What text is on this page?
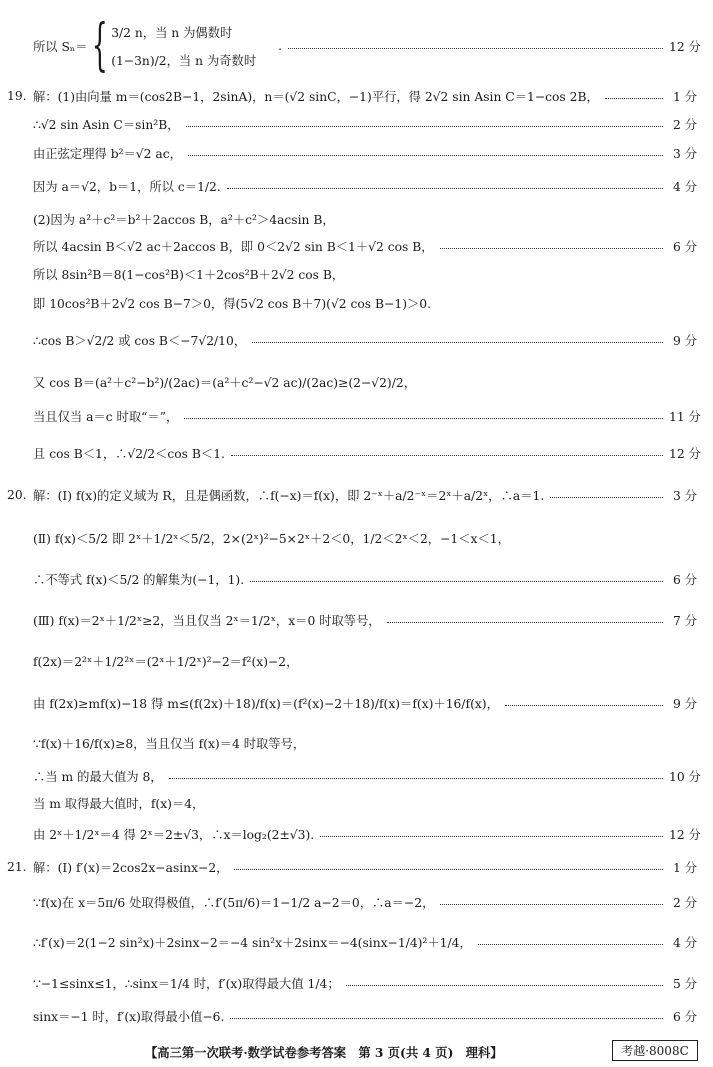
所以 Sₙ＝ { 3/2 n，当 n 为偶数时
(1−3n)/2，当 n 为奇数时
.	12 分
19. 解：(1)由向量 m＝(cos2B−1，2sinA)，n＝(√2 sinC，−1)平行，得 2√2 sin Asin C＝1−cos 2B，	1 分
∴√2 sin Asin C＝sin²B，	2 分
由正弦定理得 b²＝√2 ac，	3 分
因为 a＝√2，b＝1，所以 c＝1/2.	4 分
(2)因为 a²＋c²＝b²＋2accos B，a²＋c²＞4acsin B，
所以 4acsin B＜√2 ac＋2accos B，即 0＜2√2 sin B＜1＋√2 cos B，	6 分
所以 8sin²B＝8(1−cos²B)＜1＋2cos²B＋2√2 cos B，
即 10cos²B＋2√2 cos B−7＞0，得(5√2 cos B＋7)(√2 cos B−1)＞0.
∴cos B＞√2/2 或 cos B＜−7√2/10，	9 分
又 cos B＝(a²＋c²−b²)/(2ac)＝(a²＋c²−√2 ac)/(2ac)≥(2−√2)/2，
当且仅当 a＝c 时取“＝”，	11 分
且 cos B＜1，∴√2/2＜cos B＜1.	12 分
20. 解：(Ⅰ) f(x)的定义域为 R，且是偶函数，∴f(−x)＝f(x)，即 2⁻ˣ＋a/2⁻ˣ＝2ˣ＋a/2ˣ，∴a＝1.	3 分
(Ⅱ) f(x)＜5/2 即 2ˣ＋1/2ˣ＜5/2，2×(2ˣ)²−5×2ˣ＋2＜0，1/2＜2ˣ＜2，−1＜x＜1，
∴不等式 f(x)＜5/2 的解集为(−1，1).	6 分
(Ⅲ) f(x)＝2ˣ＋1/2ˣ≥2，当且仅当 2ˣ＝1/2ˣ，x＝0 时取等号，	7 分
f(2x)＝2²ˣ＋1/2²ˣ＝(2ˣ＋1/2ˣ)²−2＝f²(x)−2，
由 f(2x)≥mf(x)−18 得 m≤(f(2x)＋18)/f(x)＝(f²(x)−2＋18)/f(x)＝f(x)＋16/f(x)，	9 分
∵f(x)＋16/f(x)≥8，当且仅当 f(x)＝4 时取等号，
∴当 m 的最大值为 8，	10 分
当 m 取得最大值时，f(x)＝4，
由 2ˣ＋1/2ˣ＝4 得 2ˣ＝2±√3，∴x＝log₂(2±√3).	12 分
21. 解：(Ⅰ) f′(x)＝2cos2x−asinx−2，	1 分
∵f(x)在 x＝5π/6 处取得极值，∴f′(5π/6)＝1−1/2 a−2＝0，∴a＝−2，	2 分
∴f′(x)＝2(1−2 sin²x)＋2sinx−2＝−4 sin²x＋2sinx＝−4(sinx−1/4)²＋1/4，	4 分
∵−1≤sinx≤1，∴sinx＝1/4 时，f′(x)取得最大值 1/4；	5 分
sinx＝−1 时，f′(x)取得最小值−6.	6 分
【高三第一次联考·数学试卷参考答案　第 3 页(共 4 页)　理科】	考越·8008C
